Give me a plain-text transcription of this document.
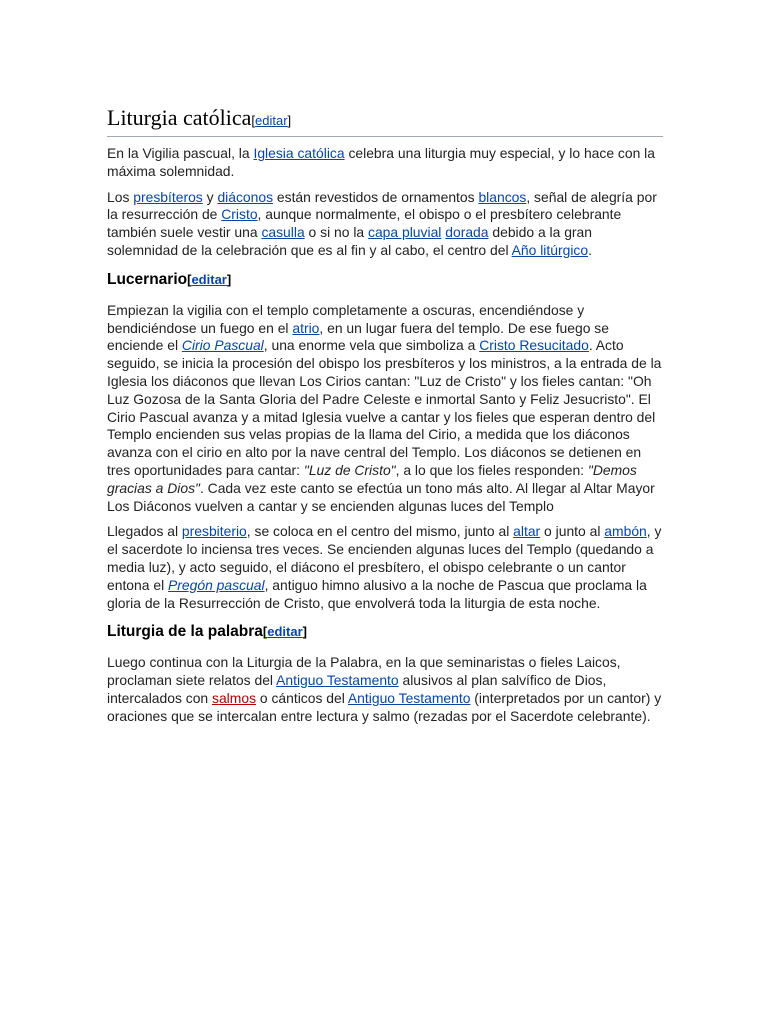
Liturgia católica[editar]

En la Vigilia pascual, la Iglesia católica celebra una liturgia muy especial, y lo hace con la máxima solemnidad.

Los presbíteros y diáconos están revestidos de ornamentos blancos, señal de alegría por la resurrección de Cristo, aunque normalmente, el obispo o el presbítero celebrante también suele vestir una casulla o si no la capa pluvial dorada debido a la gran solemnidad de la celebración que es al fin y al cabo, el centro del Año litúrgico.

Lucernario[editar]

Empiezan la vigilia con el templo completamente a oscuras, encendiéndose y bendiciéndose un fuego en el atrio, en un lugar fuera del templo. De ese fuego se enciende el Cirio Pascual, una enorme vela que simboliza a Cristo Resucitado. Acto seguido, se inicia la procesión del obispo los presbíteros y los ministros, a la entrada de la Iglesia los diáconos que llevan Los Cirios cantan: "Luz de Cristo" y los fieles cantan: "Oh Luz Gozosa de la Santa Gloria del Padre Celeste e inmortal Santo y Feliz Jesucristo". El Cirio Pascual avanza y a mitad Iglesia vuelve a cantar y los fieles que esperan dentro del Templo encienden sus velas propias de la llama del Cirio, a medida que los diáconos avanza con el cirio en alto por la nave central del Templo. Los diáconos se detienen en tres oportunidades para cantar: "Luz de Cristo", a lo que los fieles responden: "Demos gracias a Dios". Cada vez este canto se efectúa un tono más alto. Al llegar al Altar Mayor Los Diáconos vuelven a cantar y se encienden algunas luces del Templo

Llegados al presbiterio, se coloca en el centro del mismo, junto al altar o junto al ambón, y el sacerdote lo inciensa tres veces. Se encienden algunas luces del Templo (quedando a media luz), y acto seguido, el diácono el presbítero, el obispo celebrante o un cantor entona el Pregón pascual, antiguo himno alusivo a la noche de Pascua que proclama la gloria de la Resurrección de Cristo, que envolverá toda la liturgia de esta noche.

Liturgia de la palabra[editar]

Luego continua con la Liturgia de la Palabra, en la que seminaristas o fieles Laicos, proclaman siete relatos del Antiguo Testamento alusivos al plan salvífico de Dios, intercalados con salmos o cánticos del Antiguo Testamento (interpretados por un cantor) y oraciones que se intercalan entre lectura y salmo (rezadas por el Sacerdote celebrante).
